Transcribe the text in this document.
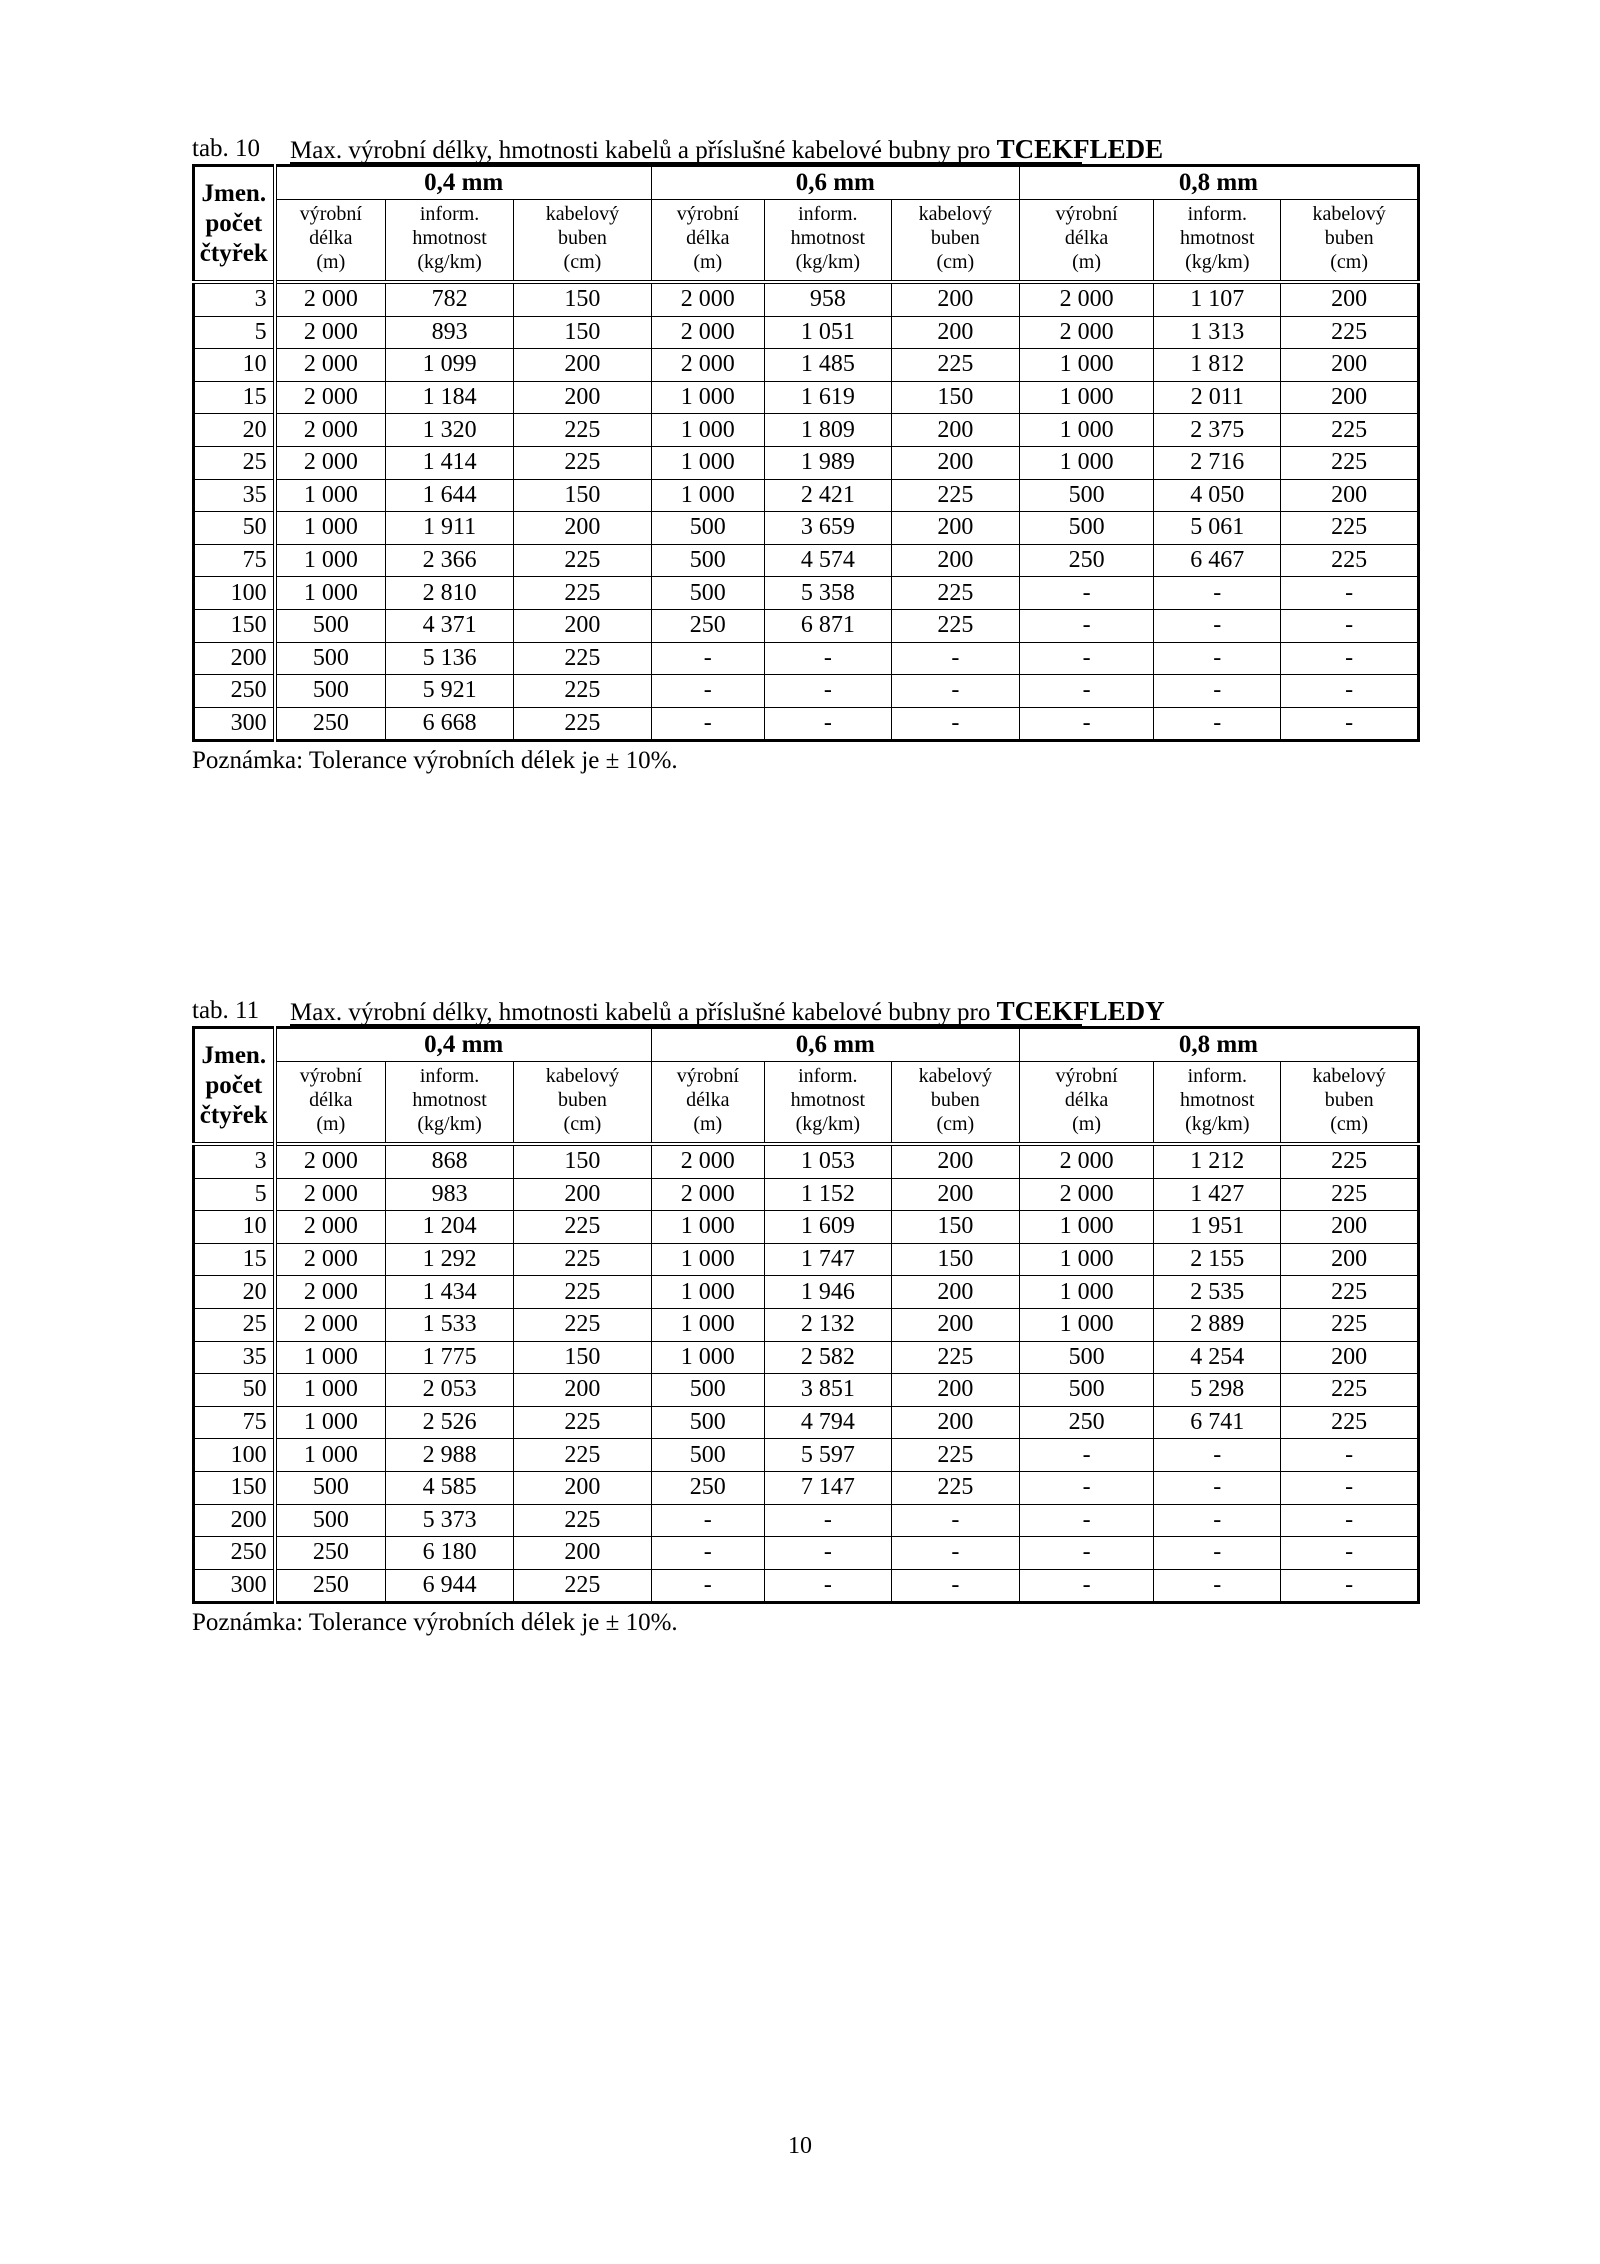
tab. 10 Max. výrobní délky, hmotnosti kabelů a příslušné kabelové bubny pro TCEKFLEDE
Jmen.
počet
čtyřek	0,4 mm			0,6 mm			0,8 mm		

	výrobní
délka
(m)	inform.
hmotnost
(kg/km)	kabelový
buben
(cm)	výrobní
délka
(m)	inform.
hmotnost
(kg/km)	kabelový
buben
(cm)	výrobní
délka
(m)	inform.
hmotnost
(kg/km)	kabelový
buben
(cm)

3	2 000	782	150	2 000	958	200	2 000	1 107	200
5	2 000	893	150	2 000	1 051	200	2 000	1 313	225
10	2 000	1 099	200	2 000	1 485	225	1 000	1 812	200
15	2 000	1 184	200	1 000	1 619	150	1 000	2 011	200
20	2 000	1 320	225	1 000	1 809	200	1 000	2 375	225
25	2 000	1 414	225	1 000	1 989	200	1 000	2 716	225
35	1 000	1 644	150	1 000	2 421	225	500	4 050	200
50	1 000	1 911	200	500	3 659	200	500	5 061	225
75	1 000	2 366	225	500	4 574	200	250	6 467	225
100	1 000	2 810	225	500	5 358	225	-	-	-
150	500	4 371	200	250	6 871	225	-	-	-
200	500	5 136	225	-	-	-	-	-	-
250	500	5 921	225	-	-	-	-	-	-
300	250	6 668	225	-	-	-	-	-	-
Poznámka: Tolerance výrobních délek je ± 10%.
tab. 11 Max. výrobní délky, hmotnosti kabelů a příslušné kabelové bubny pro TCEKFLEDY
Jmen.
počet
čtyřek	0,4 mm			0,6 mm			0,8 mm		

	výrobní
délka
(m)	inform.
hmotnost
(kg/km)	kabelový
buben
(cm)	výrobní
délka
(m)	inform.
hmotnost
(kg/km)	kabelový
buben
(cm)	výrobní
délka
(m)	inform.
hmotnost
(kg/km)	kabelový
buben
(cm)

3	2 000	868	150	2 000	1 053	200	2 000	1 212	225
5	2 000	983	200	2 000	1 152	200	2 000	1 427	225
10	2 000	1 204	225	1 000	1 609	150	1 000	1 951	200
15	2 000	1 292	225	1 000	1 747	150	1 000	2 155	200
20	2 000	1 434	225	1 000	1 946	200	1 000	2 535	225
25	2 000	1 533	225	1 000	2 132	200	1 000	2 889	225
35	1 000	1 775	150	1 000	2 582	225	500	4 254	200
50	1 000	2 053	200	500	3 851	200	500	5 298	225
75	1 000	2 526	225	500	4 794	200	250	6 741	225
100	1 000	2 988	225	500	5 597	225	-	-	-
150	500	4 585	200	250	7 147	225	-	-	-
200	500	5 373	225	-	-	-	-	-	-
250	250	6 180	200	-	-	-	-	-	-
300	250	6 944	225	-	-	-	-	-	-
Poznámka: Tolerance výrobních délek je ± 10%.
10
